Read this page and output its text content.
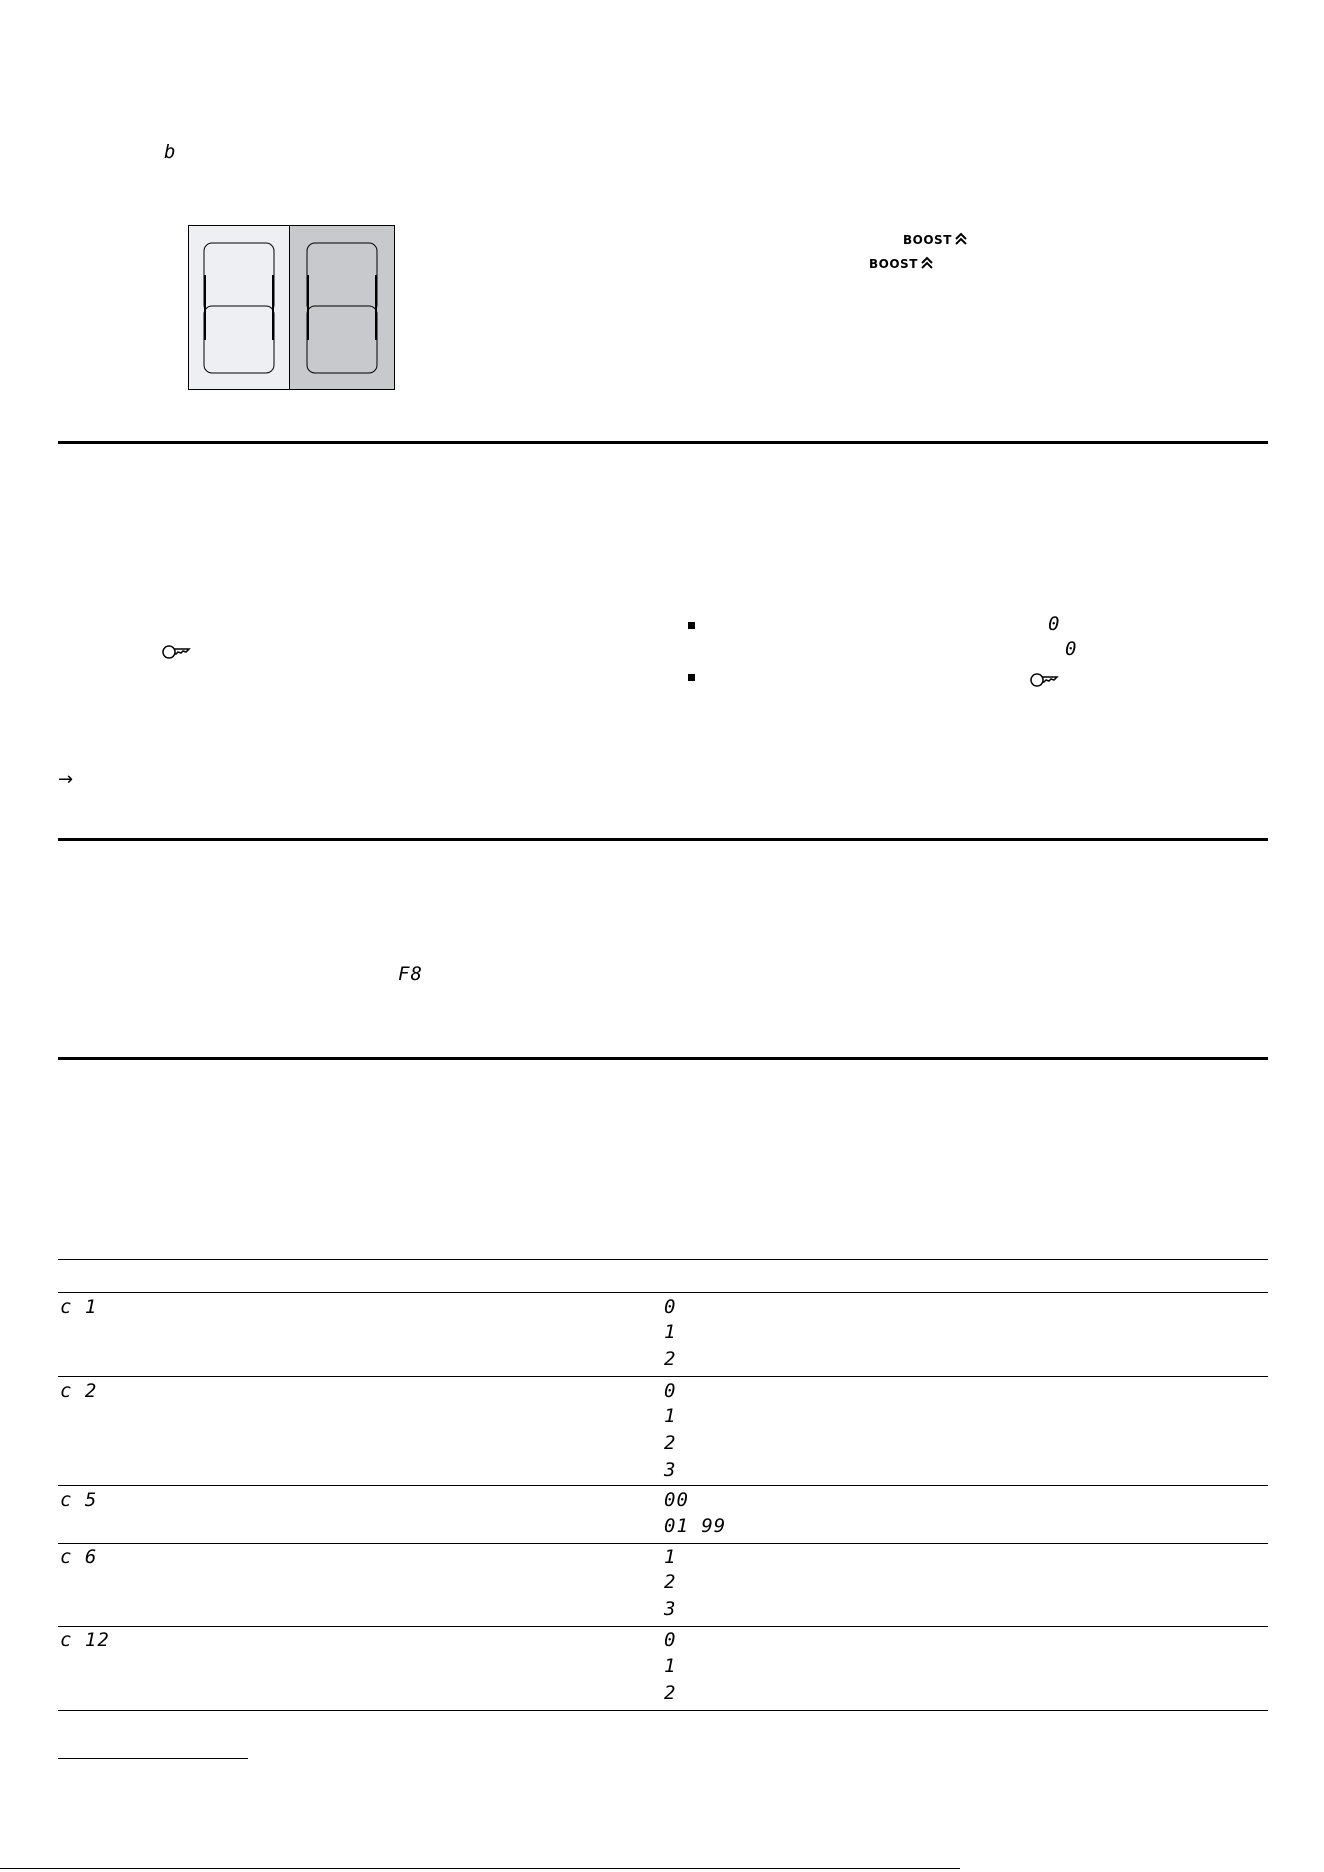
b
BOOST
BOOST
0
0
→
F8
c 1	0
1
2
c 2	0
1
2
3
c 5	00
01 99
c 6	1
2
3
c 12	0
1
2
